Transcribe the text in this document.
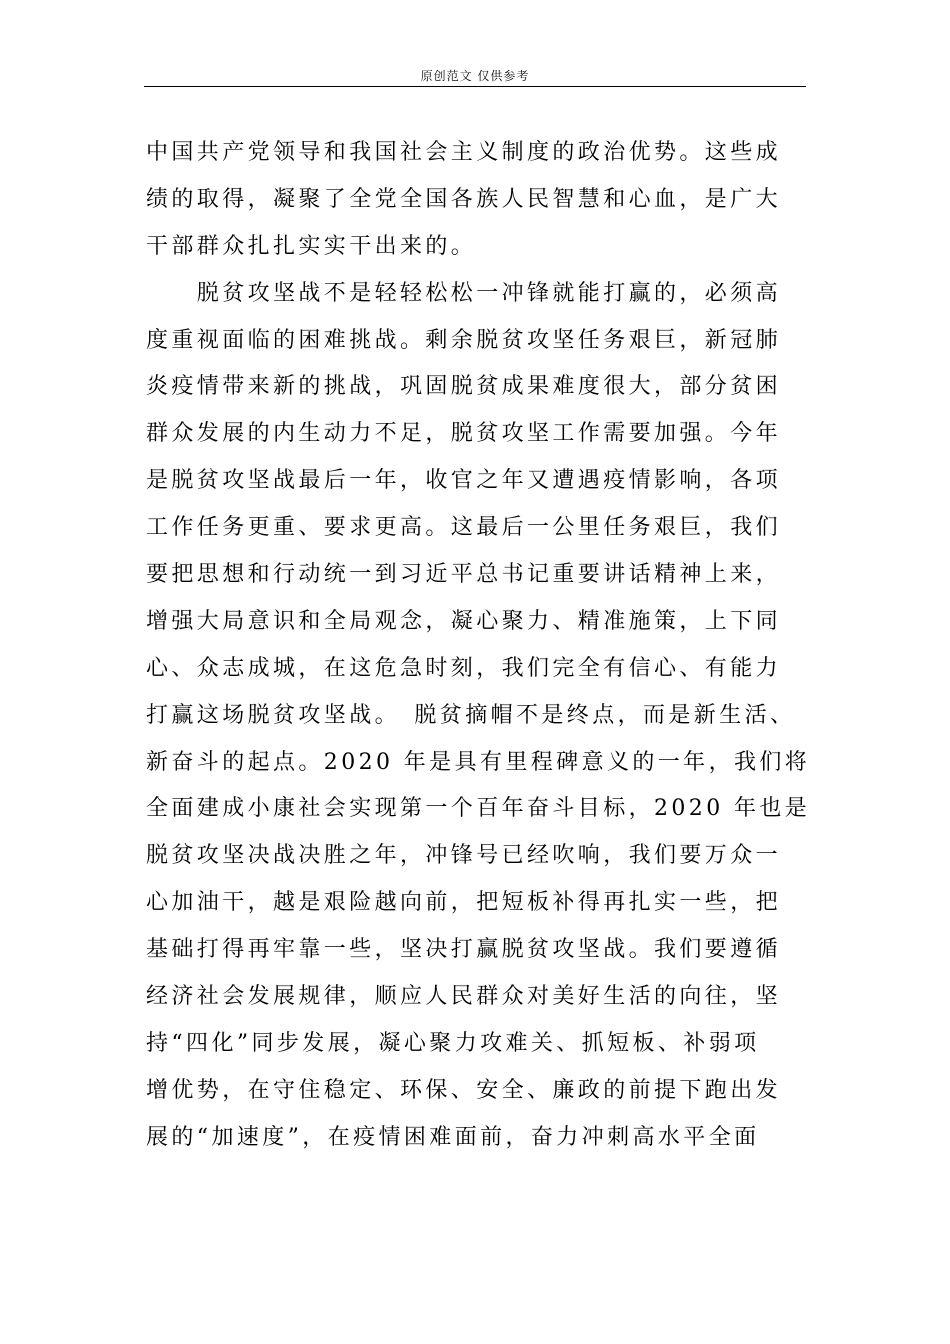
原创范文 仅供参考
中国共产党领导和我国社会主义制度的政治优势。这些成
绩的取得，凝聚了全党全国各族人民智慧和心血，是广大
干部群众扎扎实实干出来的。
　　脱贫攻坚战不是轻轻松松一冲锋就能打赢的，必须高
度重视面临的困难挑战。剩余脱贫攻坚任务艰巨，新冠肺
炎疫情带来新的挑战，巩固脱贫成果难度很大，部分贫困
群众发展的内生动力不足，脱贫攻坚工作需要加强。今年
是脱贫攻坚战最后一年，收官之年又遭遇疫情影响，各项
工作任务更重、要求更高。这最后一公里任务艰巨，我们
要把思想和行动统一到习近平总书记重要讲话精神上来，
增强大局意识和全局观念，凝心聚力、精准施策，上下同
心、众志成城，在这危急时刻，我们完全有信心、有能力
打赢这场脱贫攻坚战。　脱贫摘帽不是终点，而是新生活、
新奋斗的起点。2020 年是具有里程碑意义的一年，我们将
全面建成小康社会实现第一个百年奋斗目标，2020 年也是
脱贫攻坚决战决胜之年，冲锋号已经吹响，我们要万众一
心加油干，越是艰险越向前，把短板补得再扎实一些，把
基础打得再牢靠一些，坚决打赢脱贫攻坚战。我们要遵循
经济社会发展规律，顺应人民群众对美好生活的向往，坚
持“四化”同步发展，凝心聚力攻难关、抓短板、补弱项
增优势，在守住稳定、环保、安全、廉政的前提下跑出发
展的“加速度”，在疫情困难面前，奋力冲刺高水平全面
